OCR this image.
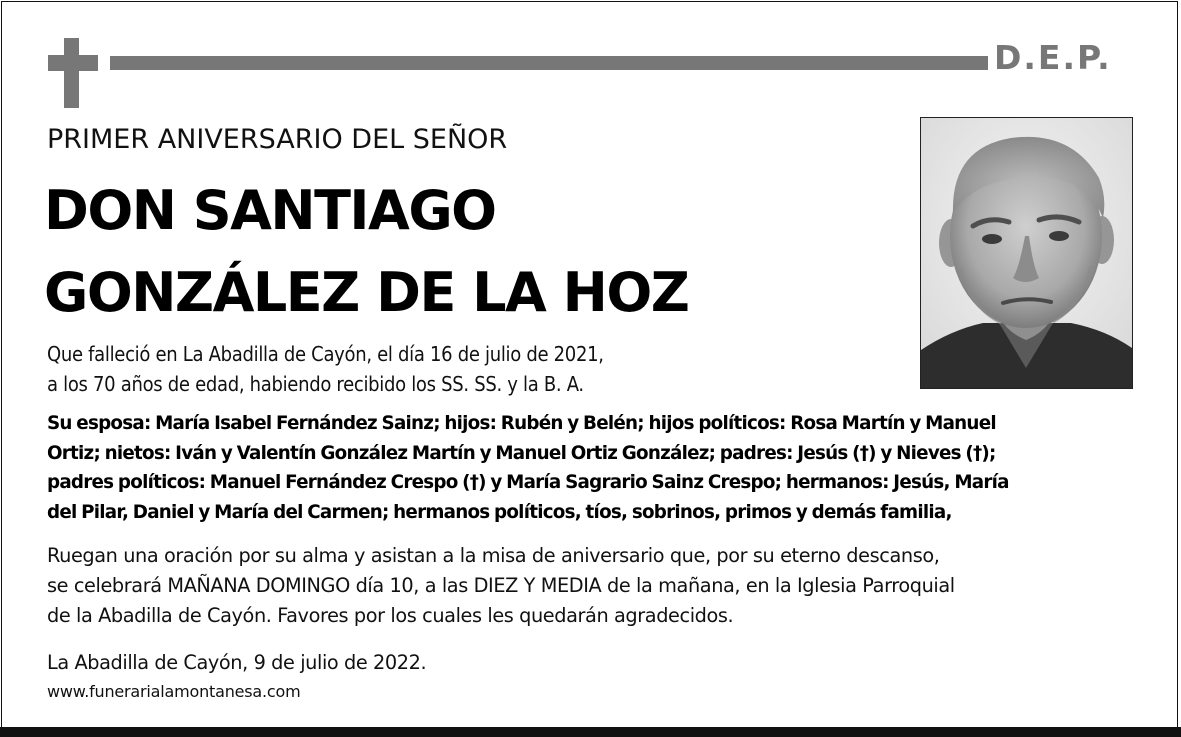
D.E.P.
PRIMER ANIVERSARIO DEL SEÑOR
DON SANTIAGO
GONZÁLEZ DE LA HOZ
Que falleció en La Abadilla de Cayón, el día 16 de julio de 2021,
a los 70 años de edad, habiendo recibido los SS. SS. y la B. A.
Su esposa: María Isabel Fernández Sainz; hijos: Rubén y Belén; hijos políticos: Rosa Martín y Manuel
Ortiz; nietos: Iván y Valentín González Martín y Manuel Ortiz González; padres: Jesús (†) y Nieves (†);
padres políticos: Manuel Fernández Crespo (†) y María Sagrario Sainz Crespo; hermanos: Jesús, María
del Pilar, Daniel y María del Carmen; hermanos políticos, tíos, sobrinos, primos y demás familia,
Ruegan una oración por su alma y asistan a la misa de aniversario que, por su eterno descanso,
se celebrará MAÑANA DOMINGO día 10, a las DIEZ Y MEDIA de la mañana, en la Iglesia Parroquial
de la Abadilla de Cayón. Favores por los cuales les quedarán agradecidos.
La Abadilla de Cayón, 9 de julio de 2022.
www.funerarialamontanesa.com
